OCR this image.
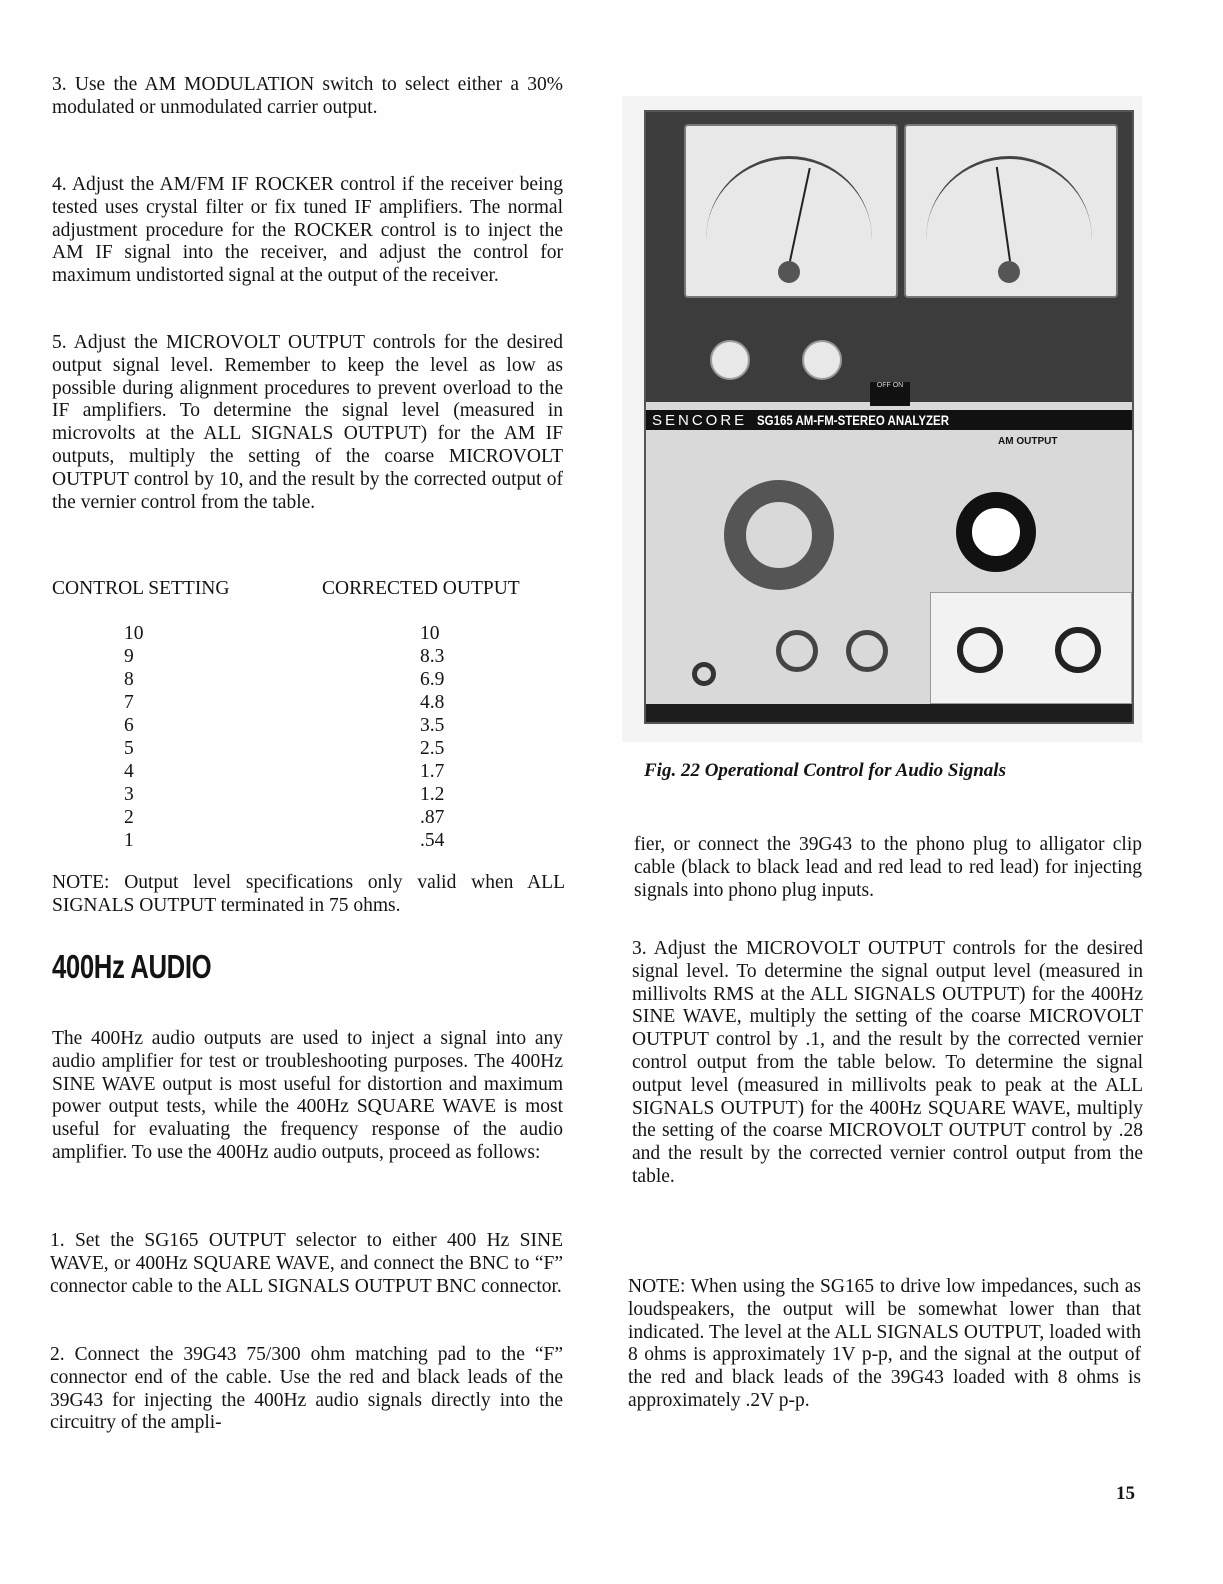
3. Use the AM MODULATION switch to select either a 30% modulated or unmodulated carrier output.

4. Adjust the AM/FM IF ROCKER control if the receiver being tested uses crystal filter or fix tuned IF amplifiers. The normal adjustment procedure for the ROCKER control is to inject the AM IF signal into the receiver, and adjust the control for maximum undistorted signal at the output of the receiver.

5. Adjust the MICROVOLT OUTPUT controls for the desired output signal level. Remember to keep the level as low as possible during alignment procedures to prevent overload to the IF amplifiers. To determine the signal level (measured in microvolts at the ALL SIGNALS OUTPUT) for the AM IF outputs, multiply the setting of the coarse MICROVOLT OUTPUT control by 10, and the result by the corrected output of the vernier control from the table.

CONTROL SETTING	CORRECTED OUTPUT
10
9
8
7
6
5
4
3
2
1
10
8.3
6.9
4.8
3.5
2.5
1.7
1.2
.87
.54

NOTE: Output level specifications only valid when ALL SIGNALS OUTPUT terminated in 75 ohms.

400Hz AUDIO

The 400Hz audio outputs are used to inject a signal into any audio amplifier for test or troubleshooting purposes. The 400Hz SINE WAVE output is most useful for distortion and maximum power output tests, while the 400Hz SQUARE WAVE is most useful for evaluating the frequency response of the audio amplifier. To use the 400Hz audio outputs, proceed as follows:

1. Set the SG165 OUTPUT selector to either 400 Hz SINE WAVE, or 400Hz SQUARE WAVE, and connect the BNC to “F” connector cable to the ALL SIGNALS OUTPUT BNC connector.

2. Connect the 39G43 75/300 ohm matching pad to the “F” connector end of the cable. Use the red and black leads of the 39G43 for injecting the 400Hz audio signals directly into the circuitry of the ampli-

OFF ON
SENCORE SG165 AM-FM-STEREO ANALYZER
AM OUTPUT
Fig. 22 Operational Control for Audio Signals

fier, or connect the 39G43 to the phono plug to alligator clip cable (black to black lead and red lead to red lead) for injecting signals into phono plug inputs.

3. Adjust the MICROVOLT OUTPUT controls for the desired signal level. To determine the signal output level (measured in millivolts RMS at the ALL SIGNALS OUTPUT) for the 400Hz SINE WAVE, multiply the setting of the coarse MICROVOLT OUTPUT control by .1, and the result by the corrected vernier control output from the table below. To determine the signal output level (measured in millivolts peak to peak at the ALL SIGNALS OUTPUT) for the 400Hz SQUARE WAVE, multiply the setting of the coarse MICROVOLT OUTPUT control by .28 and the result by the corrected vernier control output from the table.

NOTE: When using the SG165 to drive low impedances, such as loudspeakers, the output will be somewhat lower than that indicated. The level at the ALL SIGNALS OUTPUT, loaded with 8 ohms is approximately 1V p-p, and the signal at the output of the red and black leads of the 39G43 loaded with 8 ohms is approximately .2V p-p.

15
